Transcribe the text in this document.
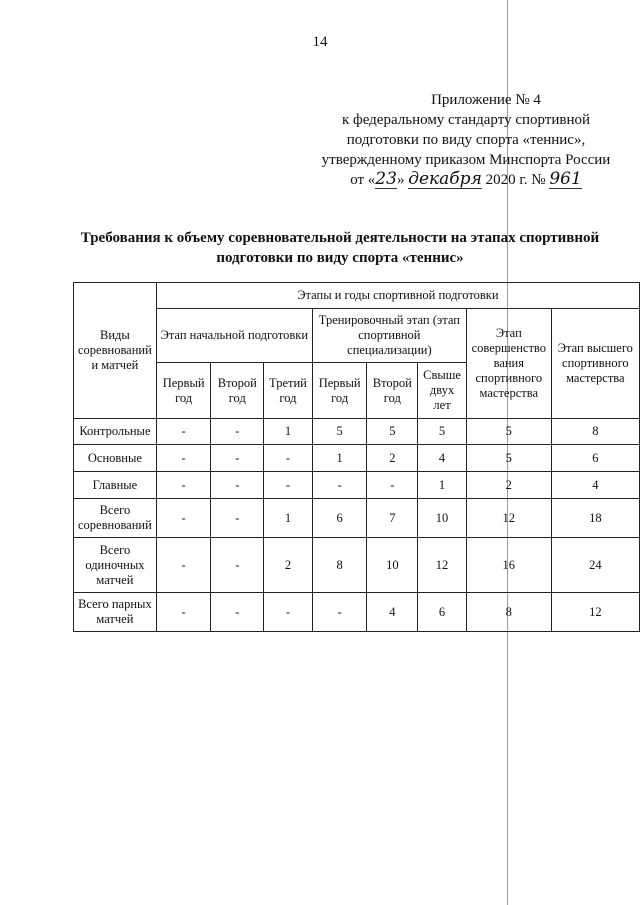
14
Приложение № 4
к федеральному стандарту спортивной
подготовки по виду спорта «теннис»,
утвержденному приказом Минспорта России
от «23» декабря 2020 г. № 961
Требования к объему соревновательной деятельности на этапах спортивной
подготовки по виду спорта «теннис»
Виды соревнований и матчей	Этапы и годы спортивной подготовки							
	Этап начальной подготовки			Тренировочный этап (этап спортивной специализации)			Этап совершенство вания спортивного мастерства	Этап высшего спортивного мастерства
	Первый год	Второй год	Третий год	Первый год	Второй год	Свыше двух лет		
Контрольные	-	-	1	5	5	5	5	8
Основные	-	-	-	1	2	4	5	6
Главные	-	-	-	-	-	1	2	4
Всего соревнований	-	-	1	6	7	10	12	18
Всего одиночных матчей	-	-	2	8	10	12	16	24
Всего парных матчей	-	-	-	-	4	6	8	12
